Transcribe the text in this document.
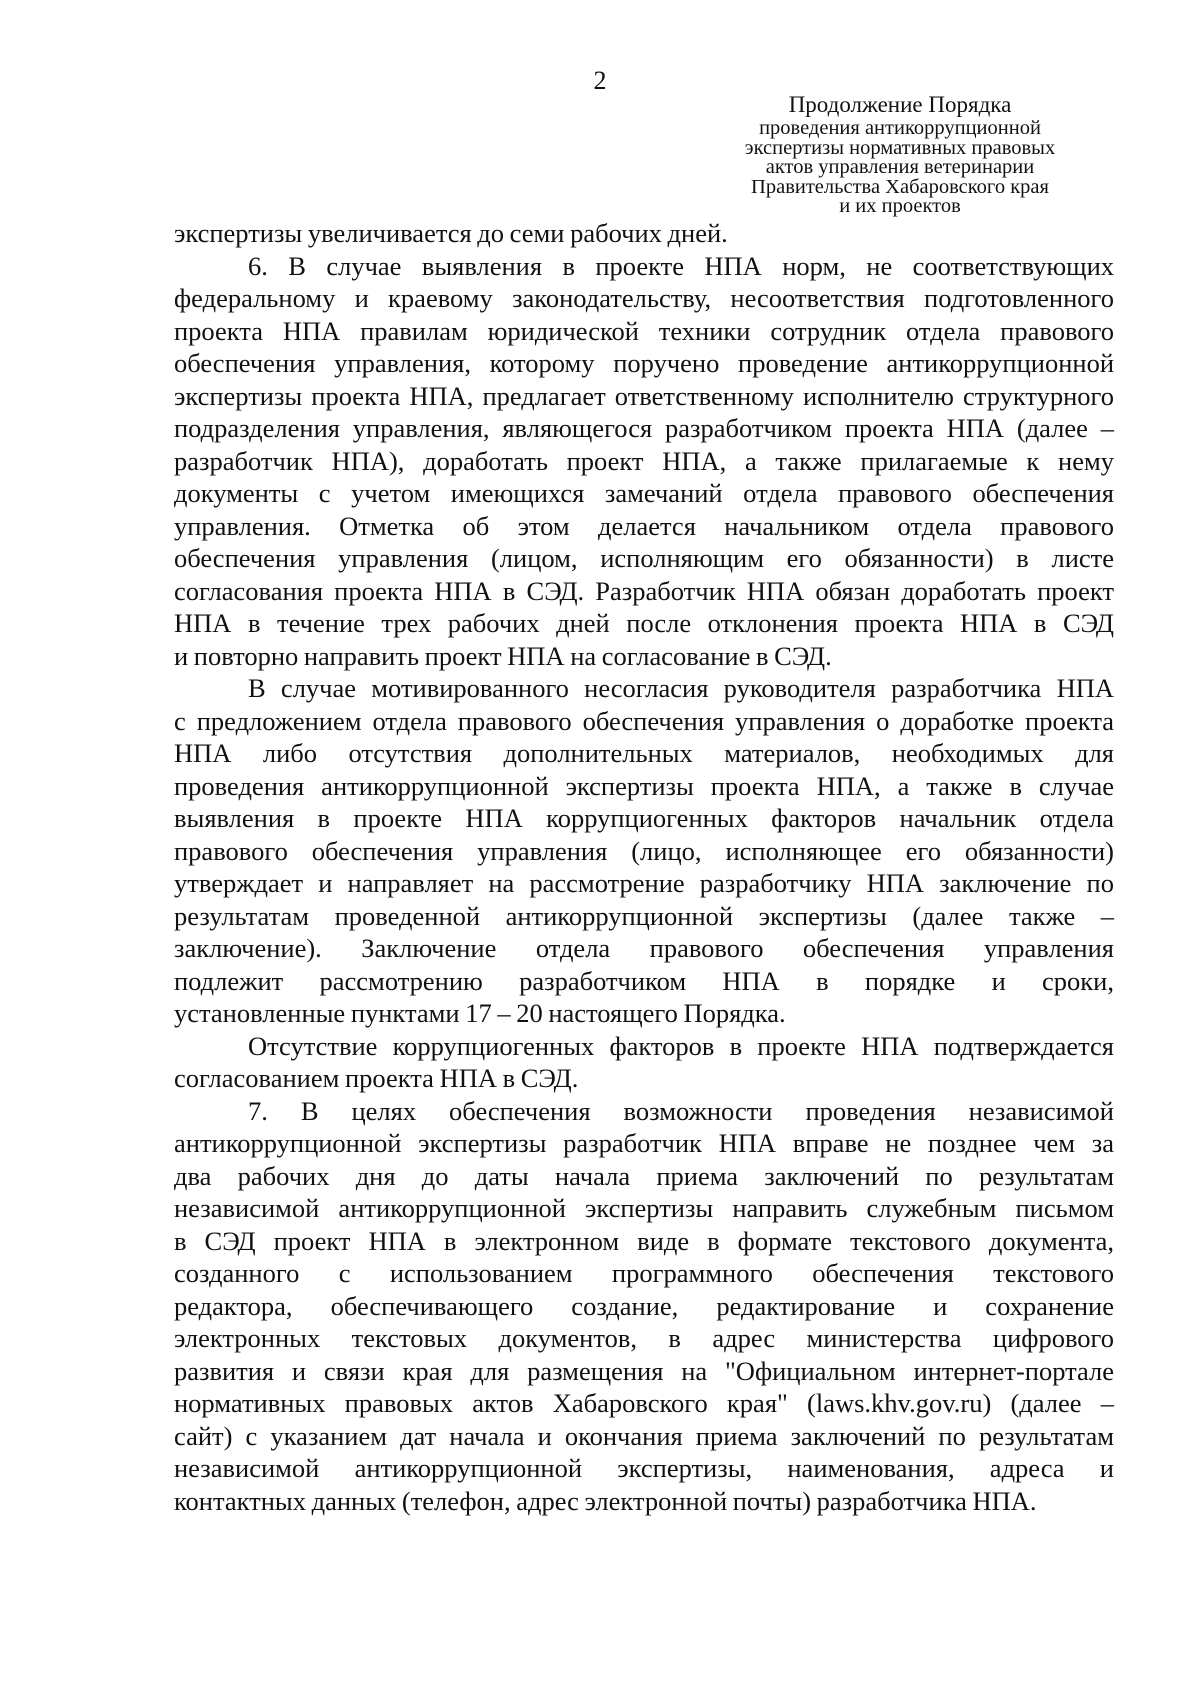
2
Продолжение Порядка
проведения антикоррупционной
экспертизы нормативных правовых
актов управления ветеринарии
Правительства Хабаровского края
и их проектов
экспертизы увеличивается до семи рабочих дней.
6. В случае выявления в проекте НПА норм, не соответствующих
федеральному и краевому законодательству, несоответствия подготовленного
проекта НПА правилам юридической техники сотрудник отдела правового
обеспечения управления, которому поручено проведение антикоррупционной
экспертизы проекта НПА, предлагает ответственному исполнителю структурного
подразделения управления, являющегося разработчиком проекта НПА (далее –
разработчик НПА), доработать проект НПА, а также прилагаемые к нему
документы с учетом имеющихся замечаний отдела правового обеспечения
управления. Отметка об этом делается начальником отдела правового
обеспечения управления (лицом, исполняющим его обязанности) в листе
согласования проекта НПА в СЭД. Разработчик НПА обязан доработать проект
НПА в течение трех рабочих дней после отклонения проекта НПА в СЭД
и повторно направить проект НПА на согласование в СЭД.
В случае мотивированного несогласия руководителя разработчика НПА
с предложением отдела правового обеспечения управления о доработке проекта
НПА либо отсутствия дополнительных материалов, необходимых для
проведения антикоррупционной экспертизы проекта НПА, а также в случае
выявления в проекте НПА коррупциогенных факторов начальник отдела
правового обеспечения управления (лицо, исполняющее его обязанности)
утверждает и направляет на рассмотрение разработчику НПА заключение по
результатам проведенной антикоррупционной экспертизы (далее также –
заключение). Заключение отдела правового обеспечения управления
подлежит рассмотрению разработчиком НПА в порядке и сроки,
установленные пунктами 17 – 20 настоящего Порядка.
Отсутствие коррупциогенных факторов в проекте НПА подтверждается
согласованием проекта НПА в СЭД.
7. В целях обеспечения возможности проведения независимой
антикоррупционной экспертизы разработчик НПА вправе не позднее чем за
два рабочих дня до даты начала приема заключений по результатам
независимой антикоррупционной экспертизы направить служебным письмом
в СЭД проект НПА в электронном виде в формате текстового документа,
созданного с использованием программного обеспечения текстового
редактора, обеспечивающего создание, редактирование и сохранение
электронных текстовых документов, в адрес министерства цифрового
развития и связи края для размещения на "Официальном интернет-портале
нормативных правовых актов Хабаровского края" (laws.khv.gov.ru) (далее –
сайт) с указанием дат начала и окончания приема заключений по результатам
независимой антикоррупционной экспертизы, наименования, адреса и
контактных данных (телефон, адрес электронной почты) разработчика НПА.
